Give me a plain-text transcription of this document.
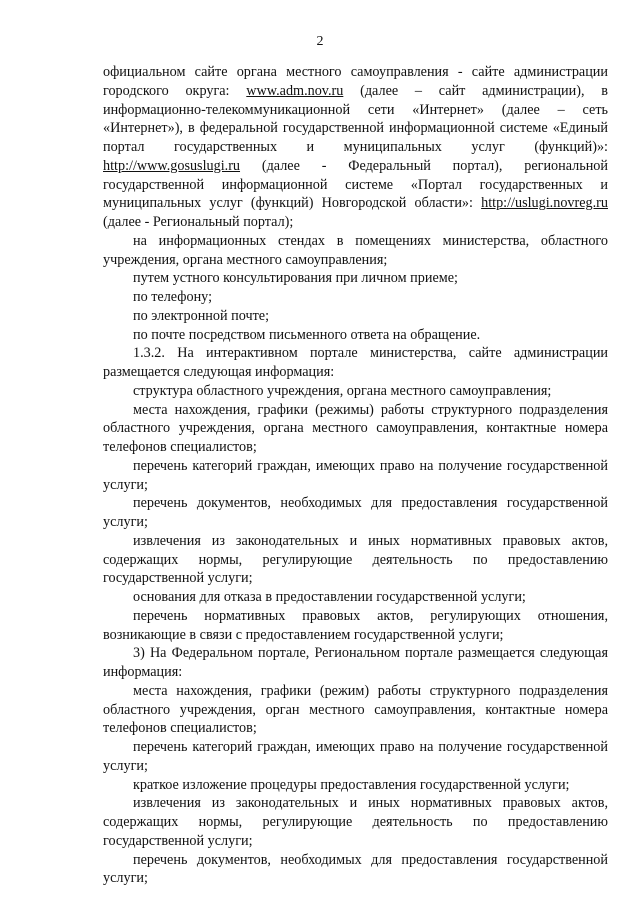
2

официальном сайте органа местного самоуправления - сайте администрации городского округа: www.adm.nov.ru (далее – сайт администрации), в информационно-телекоммуникационной сети «Интернет» (далее – сеть «Интернет»), в федеральной государственной информационной системе «Единый портал государственных и муниципальных услуг (функций)»: http://www.gosuslugi.ru (далее - Федеральный портал), региональной государственной информационной системе «Портал государственных и муниципальных услуг (функций) Новгородской области»: http://uslugi.novreg.ru (далее - Региональный портал);

на информационных стендах в помещениях министерства, областного учреждения, органа местного самоуправления;

путем устного консультирования при личном приеме;

по телефону;

по электронной почте;

по почте посредством письменного ответа на обращение.

1.3.2. На интерактивном портале министерства, сайте администрации размещается следующая информация:

структура областного учреждения, органа местного самоуправления;

места нахождения, графики (режимы) работы структурного подразделения областного учреждения, органа местного самоуправления, контактные номера телефонов специалистов;

перечень категорий граждан, имеющих право на получение государственной услуги;

перечень документов, необходимых для предоставления государственной услуги;

извлечения из законодательных и иных нормативных правовых актов, содержащих нормы, регулирующие деятельность по предоставлению государственной услуги;

основания для отказа в предоставлении государственной услуги;

перечень нормативных правовых актов, регулирующих отношения, возникающие в связи с предоставлением государственной услуги;

3) На Федеральном портале, Региональном портале размещается следующая информация:

места нахождения, графики (режим) работы структурного подразделения областного учреждения, орган местного самоуправления, контактные номера телефонов специалистов;

перечень категорий граждан, имеющих право на получение государственной услуги;

краткое изложение процедуры предоставления государственной услуги;

извлечения из законодательных и иных нормативных правовых актов, содержащих нормы, регулирующие деятельность по предоставлению государственной услуги;

перечень документов, необходимых для предоставления государственной услуги;
